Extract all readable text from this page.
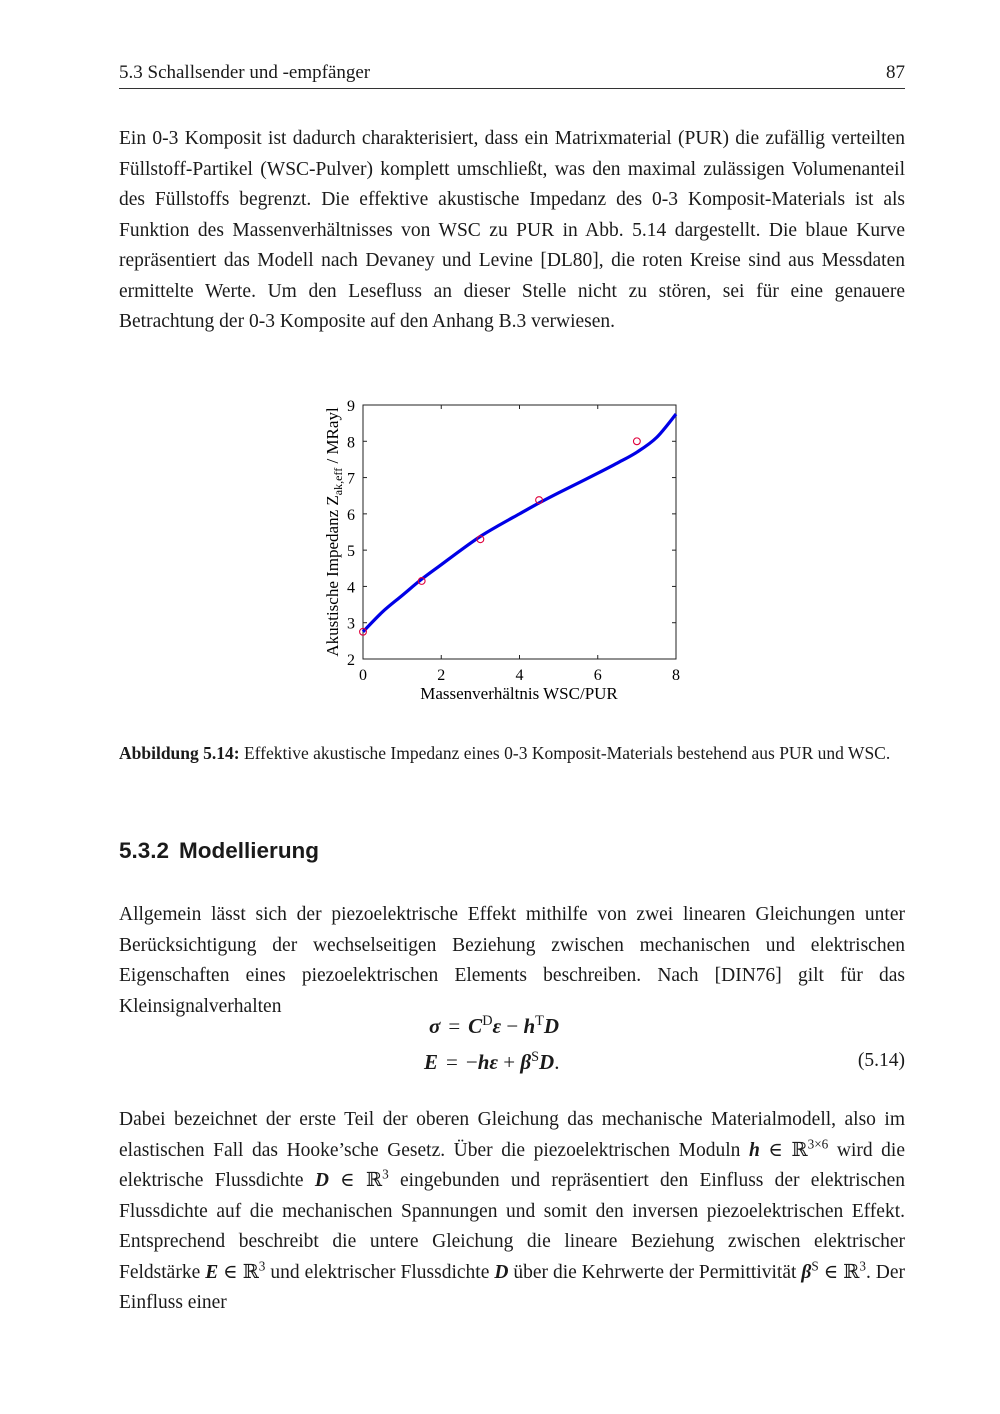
5.3 Schallsender und -empfänger	87

Ein 0-3 Komposit ist dadurch charakterisiert, dass ein Matrixmaterial (PUR) die zufällig verteilten Füllstoff-Partikel (WSC-Pulver) komplett umschließt, was den maximal zulässigen Volumenanteil des Füllstoffs begrenzt. Die effektive akustische Impedanz des 0-3 Komposit-Materials ist als Funktion des Massenverhältnisses von WSC zu PUR in Abb. 5.14 dargestellt. Die blaue Kurve repräsentiert das Modell nach Devaney und Levine [DL80], die roten Kreise sind aus Messdaten ermittelte Werte. Um den Lesefluss an dieser Stelle nicht zu stören, sei für eine genauere Betrachtung der 0-3 Komposite auf den Anhang B.3 verwiesen.

2
3
4
5
6
7
8
9
0	2	4	6	8
Massenverhältnis WSC/PUR
Akustische Impedanz $Z_{ak,eff}$ / MRayl
Abbildung 5.14: Effektive akustische Impedanz eines 0-3 Komposit-Materials bestehend aus PUR und WSC.
5.3.2 Modellierung

Allgemein lässt sich der piezoelektrische Effekt mithilfe von zwei linearen Gleichungen unter Berücksichtigung der wechselseitigen Beziehung zwischen mechanischen und elektrischen Eigenschaften eines piezoelektrischen Elements beschreiben. Nach [DIN76] gilt für das Kleinsignalverhalten

$\sigma = C^D\varepsilon - h^TD$
$E = -h\varepsilon + \beta^SD$.	(5.14)

Dabei bezeichnet der erste Teil der oberen Gleichung das mechanische Materialmodell, also im elastischen Fall das Hooke’sche Gesetz. Über die piezoelektrischen Moduln h ∈ ℝ$^{3\times 6}$ wird die elektrische Flussdichte D ∈ ℝ$^3$ eingebunden und repräsentiert den Einfluss der elektrischen Flussdichte auf die mechanischen Spannungen und somit den inversen piezoelektrischen Effekt. Entsprechend beschreibt die untere Gleichung die lineare Beziehung zwischen elektrischer Feldstärke E ∈ ℝ$^3$ und elektrischer Flussdichte D über die Kehrwerte der Permittivität $\beta^S$ ∈ ℝ$^3$. Der Einfluss einer
